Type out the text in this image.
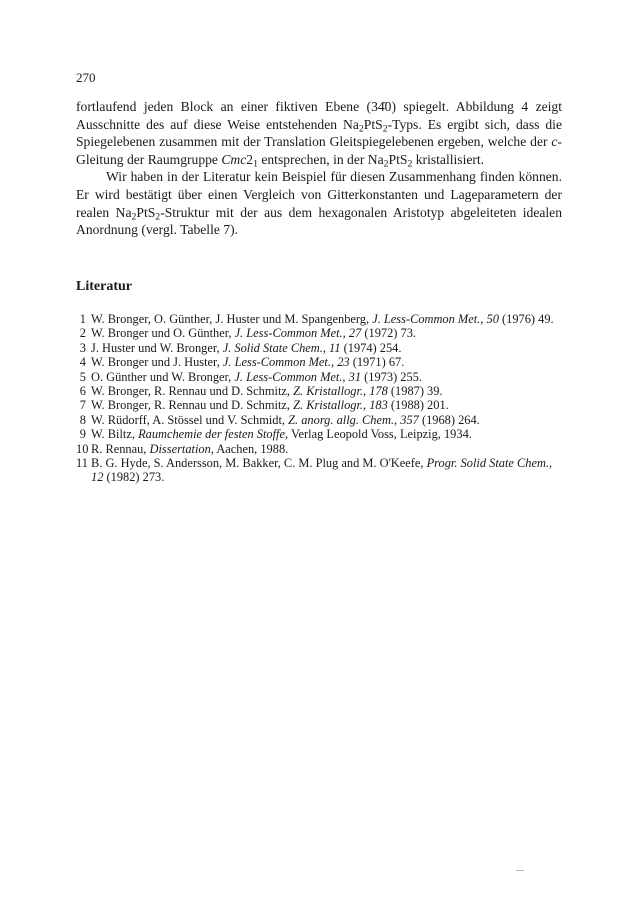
270

fortlaufend jeden Block an einer fiktiven Ebene (34̄0) spiegelt. Abbildung 4 zeigt Ausschnitte des auf diese Weise entstehenden $Na_2PtS_2$-Typs. Es ergibt sich, dass die Spiegelebenen zusammen mit der Translation Gleitspiegelebenen ergeben, welche der c-Gleitung der Raumgruppe $Cmc2_1$ entsprechen, in der $Na_2PtS_2$ kristallisiert.

Wir haben in der Literatur kein Beispiel für diesen Zusammenhang finden können. Er wird bestätigt über einen Vergleich von Gitterkonstanten und Lageparametern der realen $Na_2PtS_2$-Struktur mit der aus dem hexagonalen Aristotyp abgeleiteten idealen Anordnung (vergl. Tabelle 7).

Literatur
1 W. Bronger, O. Günther, J. Huster und M. Spangenberg, J. Less-Common Met., 50 (1976) 49.
2 W. Bronger und O. Günther, J. Less-Common Met., 27 (1972) 73.
3 J. Huster und W. Bronger, J. Solid State Chem., 11 (1974) 254.
4 W. Bronger und J. Huster, J. Less-Common Met., 23 (1971) 67.
5 O. Günther und W. Bronger, J. Less-Common Met., 31 (1973) 255.
6 W. Bronger, R. Rennau und D. Schmitz, Z. Kristallogr., 178 (1987) 39.
7 W. Bronger, R. Rennau und D. Schmitz, Z. Kristallogr., 183 (1988) 201.
8 W. Rüdorff, A. Stössel und V. Schmidt, Z. anorg. allg. Chem., 357 (1968) 264.
9 W. Biltz, Raumchemie der festen Stoffe, Verlag Leopold Voss, Leipzig, 1934.
10 R. Rennau, Dissertation, Aachen, 1988.
11 B. G. Hyde, S. Andersson, M. Bakker, C. M. Plug and M. O'Keefe, Progr. Solid State Chem., 12 (1982) 273.
